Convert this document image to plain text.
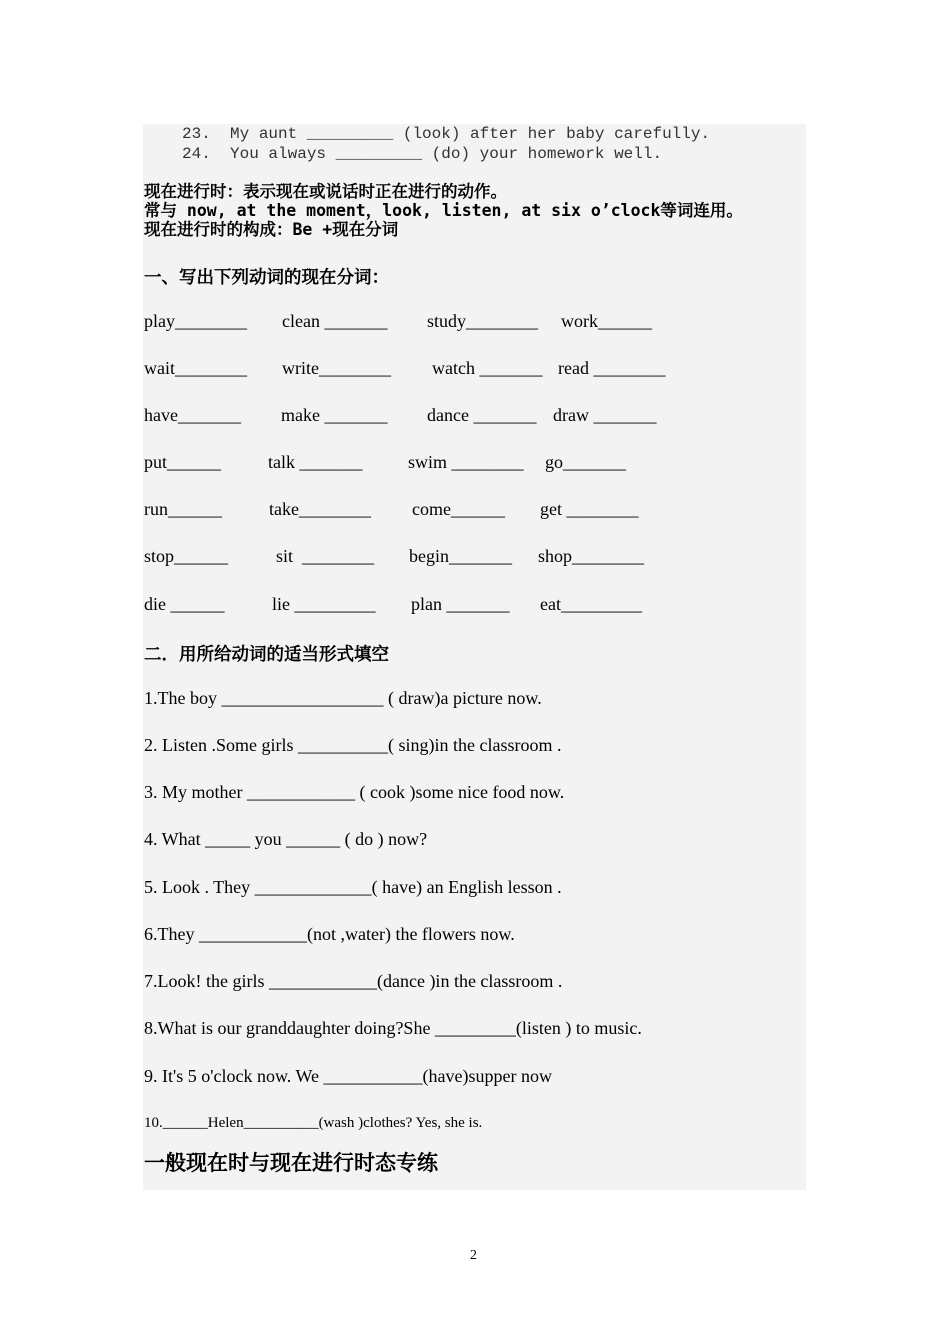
23.  My aunt _________ (look) after her baby carefully.
24.  You always _________ (do) your homework well.
现在进行时：表示现在或说话时正在进行的动作。
常与 now, at the moment，look, listen, at six o’clock等词连用。
现在进行时的构成：Be +现在分词
一、写出下列动词的现在分词：
play________ clean _______ study________ work______
wait________ write________ watch _______ read ________
have_______ make _______ dance _______ draw _______
put______	talk _______	swim ________ go_______
run______	take________ come______ get ________
stop______	sit  ________ begin_______ shop________
die ______	lie _________ plan _______ eat_________
二．用所给动词的适当形式填空
1.The boy __________________ ( draw)a picture now.
2. Listen .Some girls __________( sing)in the classroom .
3. My mother ____________ ( cook )some nice food now.
4. What _____ you ______ ( do ) now?
5. Look . They _____________( have) an English lesson .
6.They ____________(not ,water) the flowers now.
7.Look! the girls ____________(dance )in the classroom .
8.What is our granddaughter doing?She _________(listen ) to music.
9. It's 5 o'clock now. We ___________(have)supper now
10.______Helen__________(wash )clothes? Yes, she is.
一般现在时与现在进行时态专练
2
